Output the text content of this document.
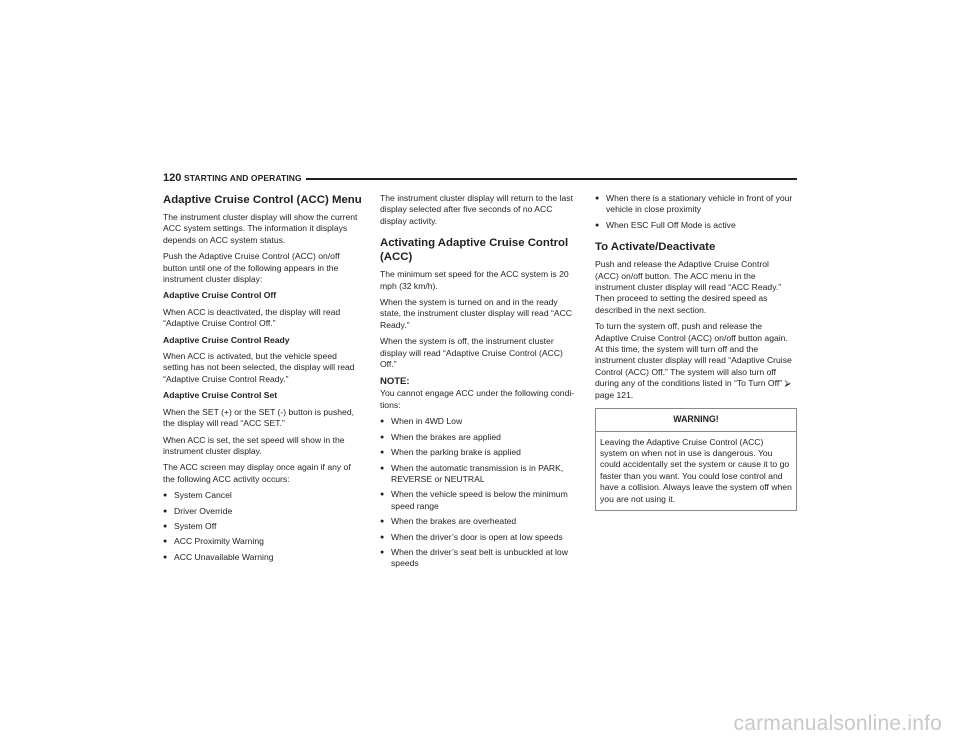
120 STARTING AND OPERATING
Adaptive Cruise Control (ACC) Menu

The instrument cluster display will show the current ACC system settings. The information it displays depends on ACC system status.

Push the Adaptive Cruise Control (ACC) on/off button until one of the following appears in the instrument cluster display:

Adaptive Cruise Control Off

When ACC is deactivated, the display will read “Adaptive Cruise Control Off.”

Adaptive Cruise Control Ready

When ACC is activated, but the vehicle speed setting has not been selected, the display will read “Adaptive Cruise Control Ready.”

Adaptive Cruise Control Set

When the SET (+) or the SET (-) button is pushed, the display will read “ACC SET.”

When ACC is set, the set speed will show in the instrument cluster display.

The ACC screen may display once again if any of the following ACC activity occurs:

● System Cancel
● Driver Override
● System Off
● ACC Proximity Warning
● ACC Unavailable Warning

The instrument cluster display will return to the last display selected after five seconds of no ACC display activity.

Activating Adaptive Cruise Control (ACC)

The minimum set speed for the ACC system is 20 mph (32 km/h).

When the system is turned on and in the ready state, the instrument cluster display will read “ACC Ready.”

When the system is off, the instrument cluster display will read “Adaptive Cruise Control (ACC) Off.”

NOTE:

You cannot engage ACC under the following condi-tions:

● When in 4WD Low
● When the brakes are applied
● When the parking brake is applied
● When the automatic transmission is in PARK, REVERSE or NEUTRAL
● When the vehicle speed is below the minimum speed range
● When the brakes are overheated
● When the driver’s door is open at low speeds
● When the driver’s seat belt is unbuckled at low speeds
● When there is a stationary vehicle in front of your vehicle in close proximity
● When ESC Full Off Mode is active
To Activate/Deactivate

Push and release the Adaptive Cruise Control (ACC) on/off button. The ACC menu in the instrument cluster display will read “ACC Ready.” Then proceed to setting the desired speed as described in the next section.

To turn the system off, push and release the Adaptive Cruise Control (ACC) on/off button again. At this time, the system will turn off and the instrument cluster display will read “Adaptive Cruise Control (ACC) Off.” The system will also turn off during any of the conditions listed in “To Turn Off” ⮚ page 121.

WARNING!
Leaving the Adaptive Cruise Control (ACC) system on when not in use is dangerous. You could accidentally set the system or cause it to go faster than you want. You could lose control and have a collision. Always leave the system off when you are not using it.
carmanualsonline.info
